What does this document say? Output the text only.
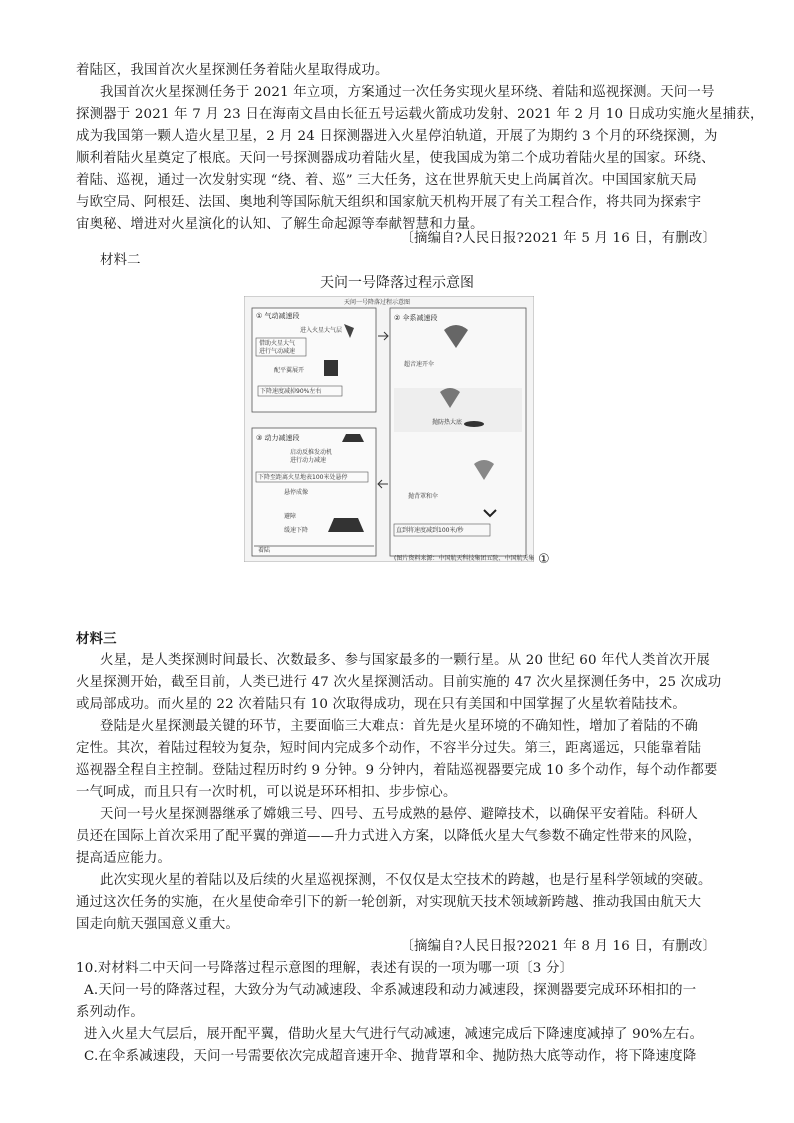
着陆区，我国首次火星探测任务着陆火星取得成功。
我国首次火星探测任务于 2021 年立项，方案通过一次任务实现火星环绕、着陆和巡视探测。天问一号
探测器于 2021 年 7 月 23 日在海南文昌由长征五号运载火箭成功发射、2021 年 2 月 10 日成功实施火星捕获，
成为我国第一颗人造火星卫星，2 月 24 日探测器进入火星停泊轨道，开展了为期约 3 个月的环绕探测，为
顺利着陆火星奠定了根底。天问一号探测器成功着陆火星，使我国成为第二个成功着陆火星的国家。环绕、
着陆、巡视，通过一次发射实现 “绕、着、巡” 三大任务，这在世界航天史上尚属首次。中国国家航天局
与欧空局、阿根廷、法国、奥地利等国际航天组织和国家航天机构开展了有关工程合作，将共同为探索宇
宙奥秘、增进对火星演化的认知、了解生命起源等奉献智慧和力量。
〔摘编自?人民日报?2021 年 5 月 16 日，有删改〕
材料二
天问一号降落过程示意图
天问一号降落过程示意图
① 气动减速段
进入火星大气层
借助火星大气
进行气动减速
配平翼展开
下降速度减掉90%左右
② 伞系减速段
超音速开伞
抛防热大底
抛背罩和伞
直到将速度减到100米/秒
③ 动力减速段
启动反推发动机
进行动力减速
下降至距离火星地表100米处悬停
悬停成像
避障
缓速下降
着陆
(图片资料来源：中国航天科技集团五院、中国航天集 ①
材料三
火星，是人类探测时间最长、次数最多、参与国家最多的一颗行星。从 20 世纪 60 年代人类首次开展
火星探测开始，截至目前，人类已进行 47 次火星探测活动。目前实施的 47 次火星探测任务中，25 次成功
或局部成功。而火星的 22 次着陆只有 10 次取得成功，现在只有美国和中国掌握了火星软着陆技术。
登陆是火星探测最关键的环节，主要面临三大难点：首先是火星环境的不确知性，增加了着陆的不确
定性。其次，着陆过程较为复杂，短时间内完成多个动作，不容半分过失。第三，距离遥远，只能靠着陆
巡视器全程自主控制。登陆过程历时约 9 分钟。9 分钟内，着陆巡视器要完成 10 多个动作，每个动作都要
一气呵成，而且只有一次时机，可以说是环环相扣、步步惊心。
天问一号火星探测器继承了嫦娥三号、四号、五号成熟的悬停、避障技术，以确保平安着陆。科研人
员还在国际上首次采用了配平翼的弹道——升力式进入方案，以降低火星大气参数不确定性带来的风险，
提高适应能力。
此次实现火星的着陆以及后续的火星巡视探测，不仅仅是太空技术的跨越，也是行星科学领域的突破。
通过这次任务的实施，在火星使命牵引下的新一轮创新，对实现航天技术领域新跨越、推动我国由航天大
国走向航天强国意义重大。
〔摘编自?人民日报?2021 年 8 月 16 日，有删改〕
10.对材料二中天问一号降落过程示意图的理解，表述有误的一项为哪一项〔3 分〕
A.天问一号的降落过程，大致分为气动减速段、伞系减速段和动力减速段，探测器要完成环环相扣的一
系列动作。
进入火星大气层后，展开配平翼，借助火星大气进行气动减速，减速完成后下降速度减掉了 90%左右。
C.在伞系减速段，天问一号需要依次完成超音速开伞、抛背罩和伞、抛防热大底等动作，将下降速度降
